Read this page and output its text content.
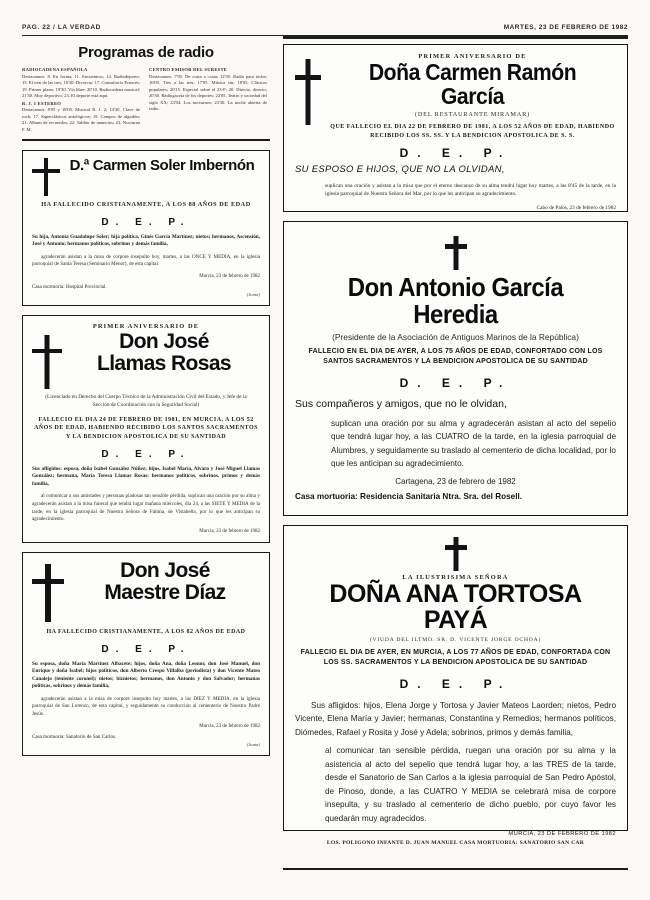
PAG. 22 / LA VERDAD	MARTES, 23 DE FEBRERO DE 1982
Programas de radio

RADIOCADENA ESPAÑOLA
Destacamos: 8. En forma; 11. Encuentros; 14. Radiodeporte; 15. El tren de las tres; 16'30. Divorcio; 17. Consultorio Francés; 19. Primer plano; 19'30. Vía libre; 20'10. Radiocadena musical; 21'30. Muy deportivo; 23. El deporte está aquí.

R. J. 1 ESTEREO
Destacamos: 8'05 y 18'05. Musical R. J. 2; 14'30. Clave de rock; 17. Superclásicos antológicos; 19. Campos de algodón; 21. Album de recuerdos; 22. Tablón de anuncios; 23. Nocturna F. M.

CENTRO EMISOR DEL SURESTE
Destacamos: 7'05. De costa a costa; 12'35. Radio para todos; 16'05. Tres a las tres; 17'05. Música sin; 18'05. Clásicos populares; 20'15. Especial sobre el 23-F; 20. Directo, directo; 20'30. Radiogaceta de los deportes; 22'05. Teatro y sociedad del siglo XX; 23'04. Los nocturnos; 23'30. La noche abierta de radio.

D.ª Carmen Soler Imbernón
HA FALLECIDO CRISTIANAMENTE, A LOS 88 AÑOS DE EDAD
D. E. P.
Su hija, Antonia Guadalupe Soler; hija política, Ginés García Martínez; nietos; hermanos, Ascensión, José y Antonio; hermanos políticos, sobrinos y demás familia,
agradecerán asistan a la misa de corpore insepulto hoy, martes, a las ONCE Y MEDIA, en la iglesia parroquial de Santa Teresa (Seminario Menor), de esta capital.
Murcia, 23 de febrero de 1982
Casa mortuoria: Hospital Provincial.
(Junta)
PRIMER ANIVERSARIO DE
Don José
Llamas Rosas
(Licenciado en Derecho del Cuerpo Técnico de la Administración Civil del Estado, y Jefe de la Sección de Coordinación con la Seguridad Social)
FALLECIO EL DIA 24 DE FEBRERO DE 1981, EN MURCIA, A LOS 52 AÑOS DE EDAD, HABIENDO RECIBIDO LOS SANTOS SACRAMENTOS Y LA BENDICION APOSTOLICA DE SU SANTIDAD
D. E. P.
Sus afligidos: esposa, doña Isabel González Núñez; hijos, Isabel María, Alvaro y José Miguel Llamas González; hermana, María Teresa Llamas Rosas; hermanos políticos, sobrinos, primos y demás familia,
al comunicar a sus amistades y personas piadosas tan sensible pérdida, suplican una oración por su alma y agradecerán asistan a la misa funeral que tendrá lugar mañana miércoles, día 24, a las SIETE Y MEDIA de la tarde, en la iglesia parroquial de Nuestra Señora de Fátima, de Vistabella, por lo que les anticipan su agradecimiento.
Murcia, 23 de febrero de 1982
Don José
Maestre Díaz
HA FALLECIDO CRISTIANAMENTE, A LOS 82 AÑOS DE EDAD
D. E. P.
Su esposa, doña María Martínez Albacete; hijos, doña Ana, doña Leonor, don José Manuel, don Enrique y doña Isabel; hijos políticos, don Alberto Crespo Villalba (periodista) y don Vicente Mateo Canalejo (teniente coronel); nietos; biznietos; hermanos, don Antonio y don Salvador; hermanas políticas, sobrinos y demás familia,
agradecerán asistan a la misa de corpore insepulto hoy martes, a las DIEZ Y MEDIA, en la iglesia parroquial de San Lorenzo, de esta capital, y seguidamente su conducción al cementerio de Nuestro Padre Jesús.
Murcia, 23 de febrero de 1982
Casa mortuoria: Sanatorio de San Carlos.
(Junta)
PRIMER ANIVERSARIO DE
Doña Carmen Ramón García
(DEL RESTAURANTE MIRAMAR)
QUE FALLECIO EL DIA 22 DE FEBRERO DE 1981, A LOS 52 AÑOS DE EDAD, HABIENDO RECIBIDO LOS SS. SS. Y LA BENDICION APOSTOLICA DE S. S.
D. E. P.
SU ESPOSO E HIJOS, QUE NO LA OLVIDAN,
suplican una oración y asistan a la misa que por el eterno descanso de su alma tendrá lugar hoy martes, a las 8'45 de la tarde, en la iglesia parroquial de Nuestra Señora del Mar, por lo que les anticipan su agradecimiento.
Cabo de Palos, 23 de febrero de 1982
Don Antonio García Heredia
(Presidente de la Asociación de Antiguos Marinos de la República)
FALLECIO EN EL DIA DE AYER, A LOS 75 AÑOS DE EDAD, CONFORTADO CON LOS SANTOS SACRAMENTOS Y LA BENDICION APOSTOLICA DE SU SANTIDAD
D. E. P.
Sus compañeros y amigos, que no le olvidan,
suplican una oración por su alma y agradecerán asistan al acto del sepelio que tendrá lugar hoy, a las CUATRO de la tarde, en la iglesia parroquial de Alumbres, y seguidamente su traslado al cementerio de dicha localidad, por lo que les anticipan su agradecimiento.
Cartagena, 23 de febrero de 1982
Casa mortuoria: Residencia Sanitaria Ntra. Sra. del Rosell.
LA ILUSTRISIMA SEÑORA
DOÑA ANA TORTOSA PAYÁ
(VIUDA DEL ILTMO. SR. D. VICENTE JORGE OCHOA)
FALLECIO EL DIA DE AYER, EN MURCIA, A LOS 77 AÑOS DE EDAD, CONFORTADA CON LOS SS. SACRAMENTOS Y LA BENDICION APOSTOLICA DE SU SANTIDAD
D. E. P.
Sus afligidos: hijos, Elena Jorge y Tortosa y Javier Mateos Laorden; nietos, Pedro Vicente, Elena María y Javier; hermanas, Constantina y Remedios; hermanos políticos, Diómedes, Rafael y Rosita y José y Adela; sobrinos, primos y demás familia,
al comunicar tan sensible pérdida, ruegan una oración por su alma y la asistencia al acto del sepelio que tendrá lugar hoy, a las TRES de la tarde, desde el Sanatorio de San Carlos a la iglesia parroquial de San Pedro Apóstol, de Pinoso, donde, a las CUATRO Y MEDIA se celebrará misa de corpore insepulta, y su traslado al cementerio de dicho pueblo, por cuyo favor les quedarán muy agradecidos.
MURCIA, 23 DE FEBRERO DE 1982
LOS. POLIGONO INFANTE D. JUAN MANUEL CASA MORTUORIA: SANATORIO SAN CAR
